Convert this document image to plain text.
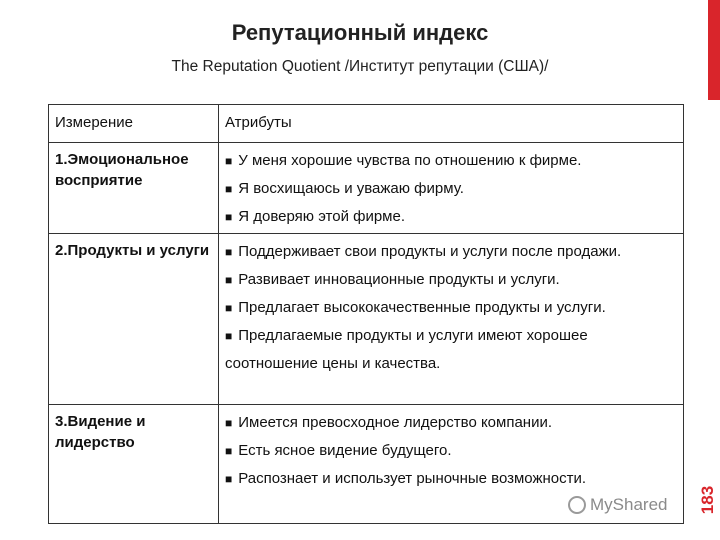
Репутационный индекс
The Reputation Quotient /Институт репутации (США)/
Измерение	Атрибуты
1.Эмоциональное восприятие	■ У меня хорошие чувства по отношению к фирме.
■ Я восхищаюсь и уважаю фирму.
■ Я доверяю этой фирме.

2.Продукты и услуги	■ Поддерживает свои продукты и услуги после продажи.
■ Развивает инновационные продукты и услуги.
■ Предлагает высококачественные продукты и услуги.
■ Предлагаемые продукты и услуги имеют хорошее соотношение цены и качества.

3.Видение и лидерство	■ Имеется превосходное лидерство компании.
■ Есть ясное видение будущего.
■ Распознает и использует рыночные возможности.
MyShared 183
